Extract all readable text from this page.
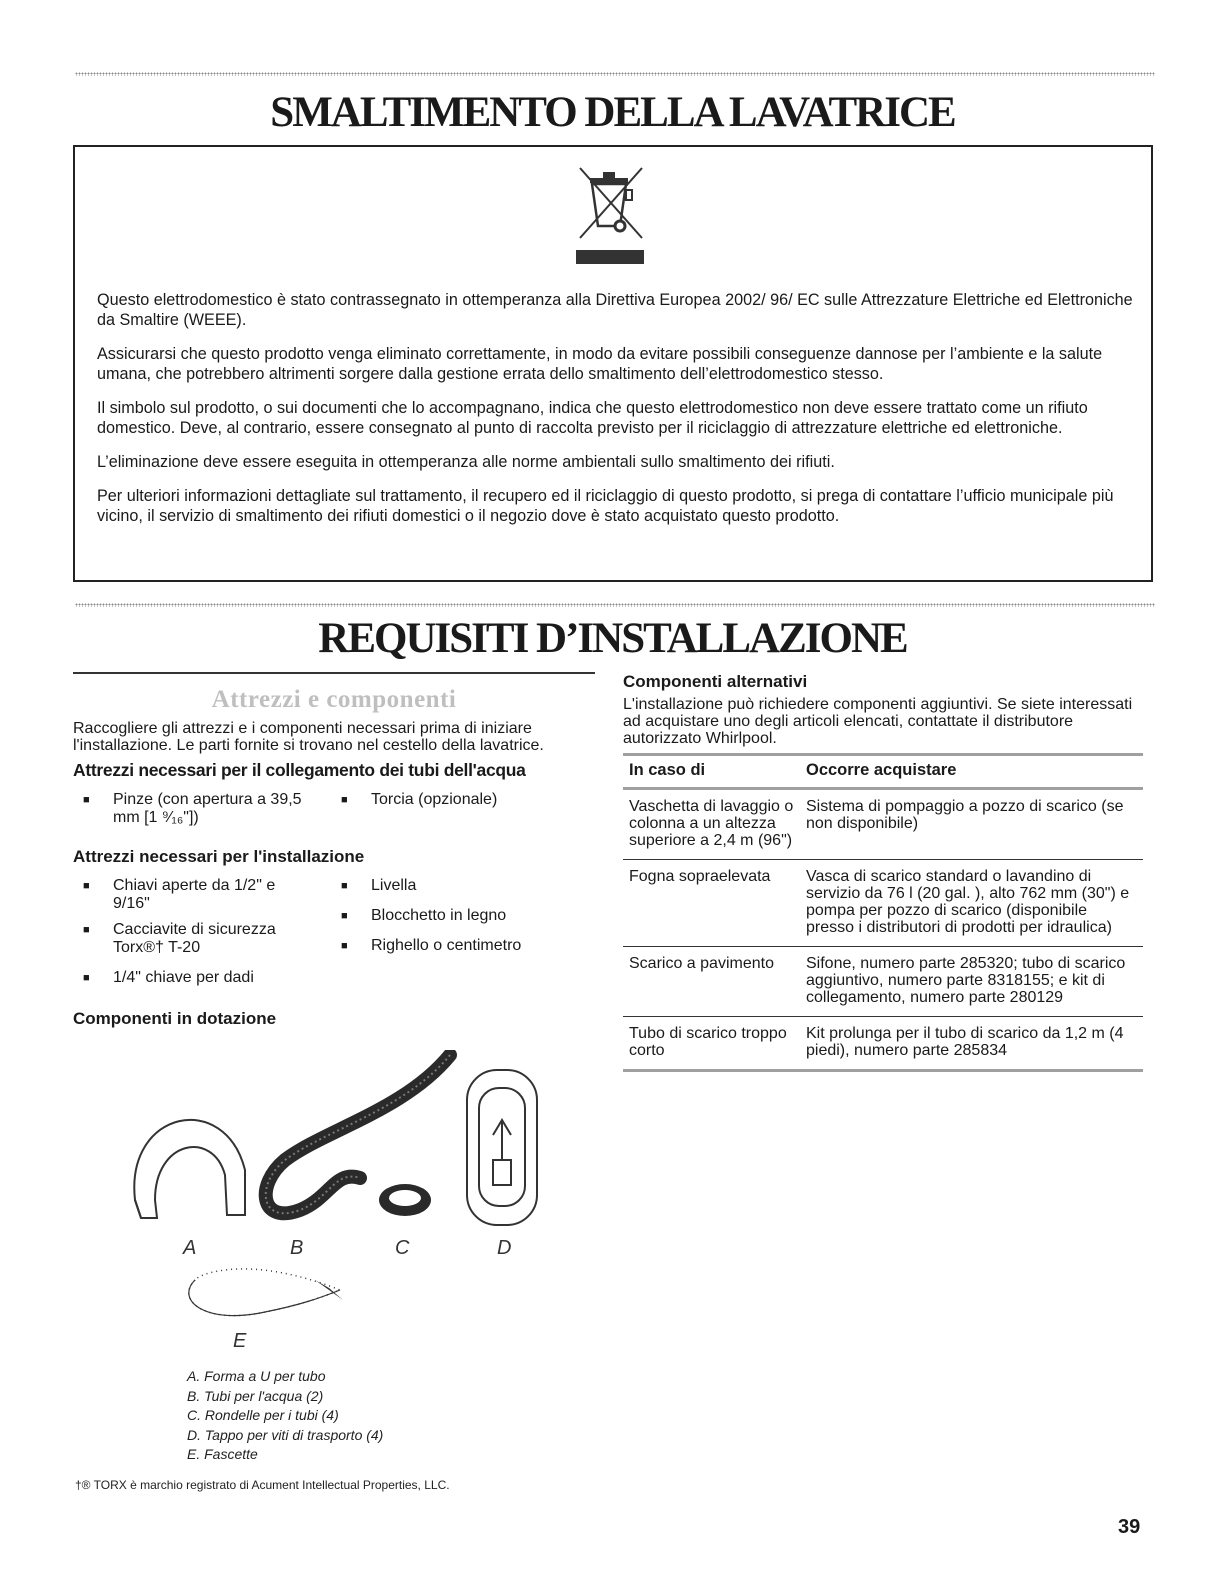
SMALTIMENTO DELLA LAVATRICE

Questo elettrodomestico è stato contrassegnato in ottemperanza alla Direttiva Europea 2002/ 96/ EC sulle Attrezzature Elettriche ed Elettroniche da Smaltire (WEEE).

Assicurarsi che questo prodotto venga eliminato correttamente, in modo da evitare possibili conseguenze dannose per l’ambiente e la salute umana, che potrebbero altrimenti sorgere dalla gestione errata dello smaltimento dell’elettrodomestico stesso.

Il simbolo sul prodotto, o sui documenti che lo accompagnano, indica che questo elettrodomestico non deve essere trattato come un rifiuto domestico. Deve, al contrario, essere consegnato al punto di raccolta previsto per il riciclaggio di attrezzature elettriche ed elettroniche.

L’eliminazione deve essere eseguita in ottemperanza alle norme ambientali sullo smaltimento dei rifiuti.

Per ulteriori informazioni dettagliate sul trattamento, il recupero ed il riciclaggio di questo prodotto, si prega di contattare l’ufficio municipale più vicino, il servizio di smaltimento dei rifiuti domestici o il negozio dove è stato acquistato questo prodotto.

REQUISITI D’INSTALLAZIONE
Attrezzi e componenti

Raccogliere gli attrezzi e i componenti necessari prima di iniziare l'installazione. Le parti fornite si trovano nel cestello della lavatrice.

Attrezzi necessari per il collegamento dei tubi dell'acqua
■ Pinze (con apertura a 39,5 mm [1 ⁹⁄₁₆"])
■ Torcia (opzionale)
Attrezzi necessari per l'installazione
■ Chiavi aperte da 1/2" e 9/16"
■ Cacciavite di sicurezza Torx®† T-20
■ 1/4" chiave per dadi
■ Livella
■ Blocchetto in legno
■ Righello o centimetro
Componenti in dotazione
A	B	C	D
E
A. Forma a U per tubo
B. Tubi per l'acqua (2)
C. Rondelle per i tubi (4)
D. Tappo per viti di trasporto (4)
E. Fascette
†® TORX è marchio registrato di Acument Intellectual Properties, LLC.
Componenti alternativi

L'installazione può richiedere componenti aggiuntivi. Se siete interessati ad acquistare uno degli articoli elencati, contattate il distributore autorizzato Whirlpool.

In caso di	Occorre acquistare
Vaschetta di lavaggio o colonna a un altezza superiore a 2,4 m (96")	Sistema di pompaggio a pozzo di scarico (se non disponibile)
Fogna sopraelevata	Vasca di scarico standard o lavandino di servizio da 76 l (20 gal. ), alto 762 mm (30") e pompa per pozzo di scarico (disponibile presso i distributori di prodotti per idraulica)
Scarico a pavimento	Sifone, numero parte 285320; tubo di scarico aggiuntivo, numero parte 8318155; e kit di collegamento, numero parte 280129
Tubo di scarico troppo corto	Kit prolunga per il tubo di scarico da 1,2 m (4 piedi), numero parte 285834
39
